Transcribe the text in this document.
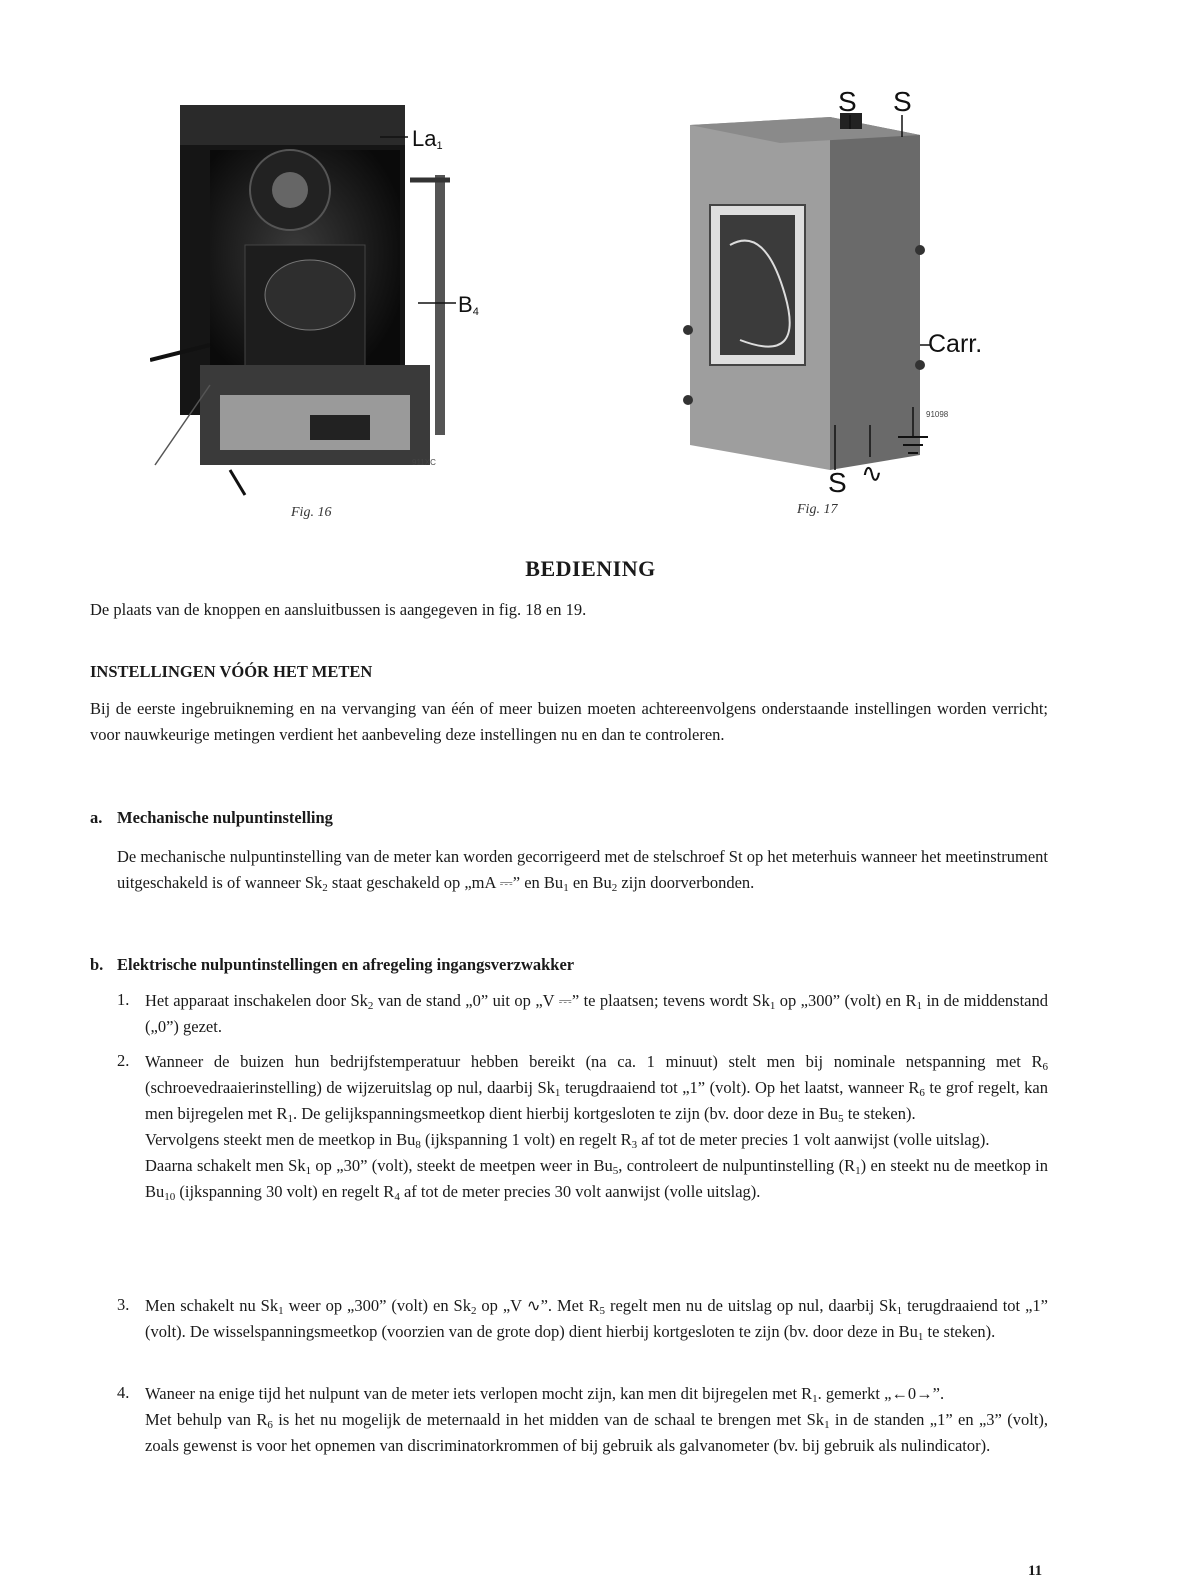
$La_1$
$B_4$
911XC
Fig. 16
S S
Carr.
91098
S ∿
Fig. 17
BEDIENING
De plaats van de knoppen en aansluitbussen is aangegeven in fig. 18 en 19.
INSTELLINGEN VÓÓR HET METEN
Bij de eerste ingebruikneming en na vervanging van één of meer buizen moeten achtereenvolgens onderstaande instellingen worden verricht; voor nauwkeurige metingen verdient het aanbeveling deze instellingen nu en dan te controleren.
a. Mechanische nulpuntinstelling
De mechanische nulpuntinstelling van de meter kan worden gecorrigeerd met de stelschroef St op het meterhuis wanneer het meetinstrument uitgeschakeld is of wanneer $Sk_2$ staat geschakeld op „mA ⎓” en $Bu_1$ en $Bu_2$ zijn doorverbonden.
b. Elektrische nulpuntinstellingen en afregeling ingangsverzwakker
1. Het apparaat inschakelen door $Sk_2$ van de stand „0” uit op „V ⎓” te plaatsen; tevens wordt $Sk_1$ op „300” (volt) en $R_1$ in de middenstand („0”) gezet.

2. Wanneer de buizen hun bedrijfstemperatuur hebben bereikt (na ca. 1 minuut) stelt men bij nominale netspanning met $R_6$ (schroevedraaierinstelling) de wijzeruitslag op nul, daarbij $Sk_1$ terugdraaiend tot „1” (volt). Op het laatst, wanneer $R_6$ te grof regelt, kan men bijregelen met $R_1$. De gelijkspanningsmeetkop dient hierbij kortgesloten te zijn (bv. door deze in $Bu_5$ te steken).

Vervolgens steekt men de meetkop in $Bu_8$ (ijkspanning 1 volt) en regelt $R_3$ af tot de meter precies 1 volt aanwijst (volle uitslag).

Daarna schakelt men $Sk_1$ op „30” (volt), steekt de meetpen weer in $Bu_5$, controleert de nulpuntinstelling $(R_1)$ en steekt nu de meetkop in $Bu_{10}$ (ijkspanning 30 volt) en regelt $R_4$ af tot de meter precies 30 volt aanwijst (volle uitslag).

3. Men schakelt nu $Sk_1$ weer op „300” (volt) en $Sk_2$ op „V ∿”. Met $R_5$ regelt men nu de uitslag op nul, daarbij $Sk_1$ terugdraaiend tot „1” (volt). De wisselspanningsmeetkop (voorzien van de grote dop) dient hierbij kortgesloten te zijn (bv. door deze in $Bu_1$ te steken).

4. Waneer na enige tijd het nulpunt van de meter iets verlopen mocht zijn, kan men dit bijregelen met $R_1$. gemerkt „←0→”.

Met behulp van $R_6$ is het nu mogelijk de meternaald in het midden van de schaal te brengen met $Sk_1$ in de standen „1” en „3” (volt), zoals gewenst is voor het opnemen van discriminatorkrommen of bij gebruik als galvanometer (bv. bij gebruik als nulindicator).

11
